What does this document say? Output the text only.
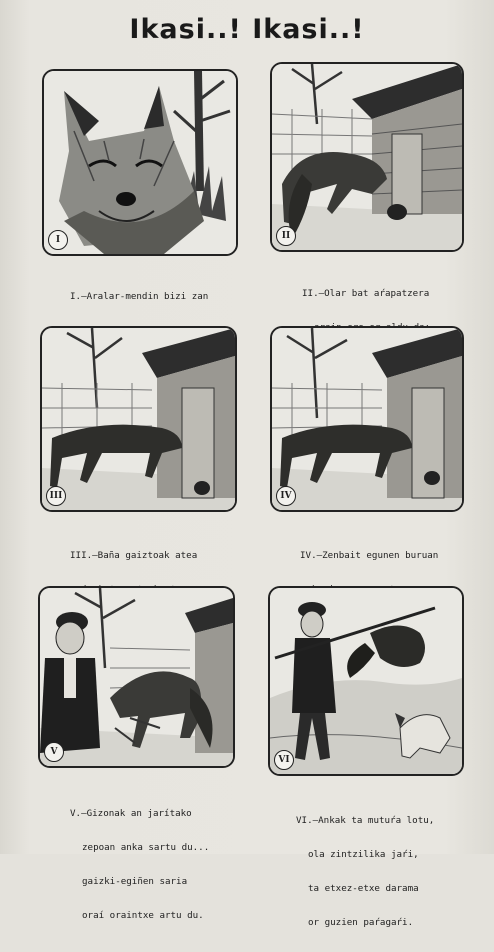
Ikasi..! Ikasi..!
I	II

I.—Aralar-mendin bizi zan

	II.—Olar bat aŕapatzera

III	IV

III.—Baña gaiztoak atea

	IV.—Zenbait egunen buruan

V
VI

V.—Gizonak an jarítako

zepoan anka sartu du...

gaizki-egiñen saria

oraí oraintxe artu du.

VI.—Ankak ta mutuŕa lotu,

ola zintzilika jaŕi,

ta etxez-etxe darama

or guzien paŕagaŕi.
